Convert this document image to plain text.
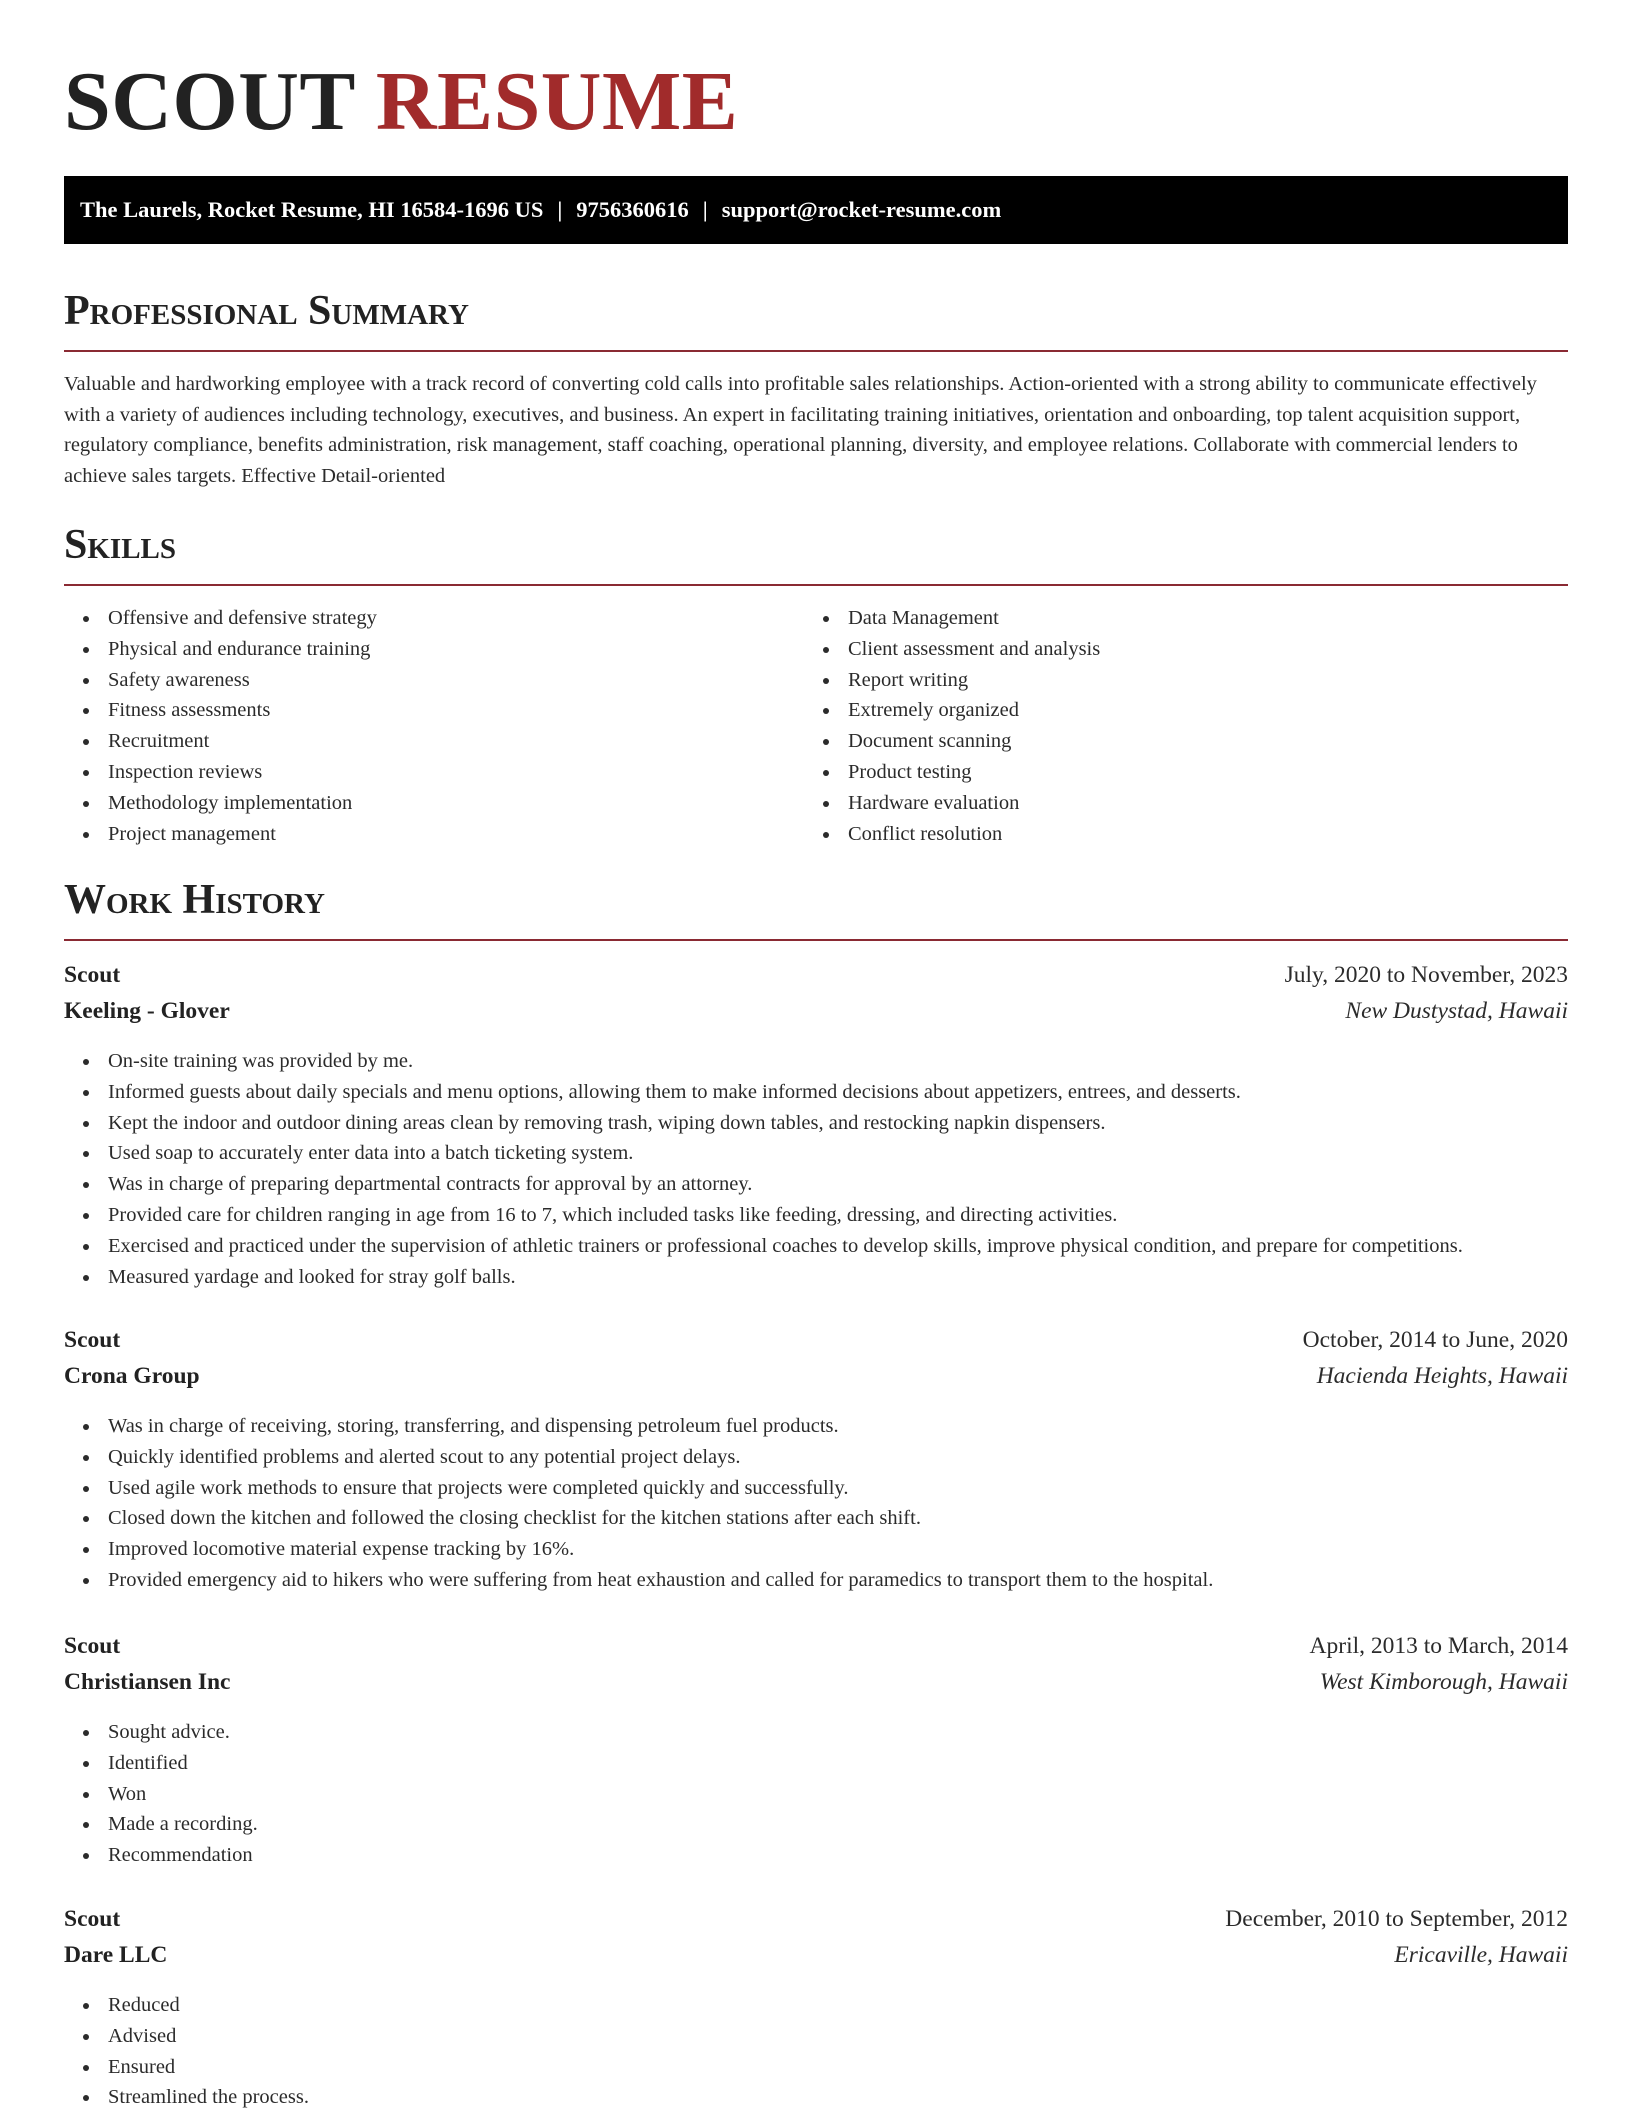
SCOUT RESUME
The Laurels, Rocket Resume, HI 16584-1696 US | 9756360616 | support@rocket-resume.com
Professional Summary

Valuable and hardworking employee with a track record of converting cold calls into profitable sales relationships. Action-oriented with a strong ability to communicate effectively with a variety of audiences including technology, executives, and business. An expert in facilitating training initiatives, orientation and onboarding, top talent acquisition support, regulatory compliance, benefits administration, risk management, staff coaching, operational planning, diversity, and employee relations. Collaborate with commercial lenders to achieve sales targets. Effective Detail-oriented

Skills
Offensive and defensive strategy
Physical and endurance training
Safety awareness
Fitness assessments
Recruitment
Inspection reviews
Methodology implementation
Project management
Data Management
Client assessment and analysis
Report writing
Extremely organized
Document scanning
Product testing
Hardware evaluation
Conflict resolution
Work History
Scout	July, 2020 to November, 2023
Keeling - Glover	New Dustystad, Hawaii
On-site training was provided by me.
Informed guests about daily specials and menu options, allowing them to make informed decisions about appetizers, entrees, and desserts.
Kept the indoor and outdoor dining areas clean by removing trash, wiping down tables, and restocking napkin dispensers.
Used soap to accurately enter data into a batch ticketing system.
Was in charge of preparing departmental contracts for approval by an attorney.
Provided care for children ranging in age from 16 to 7, which included tasks like feeding, dressing, and directing activities.
Exercised and practiced under the supervision of athletic trainers or professional coaches to develop skills, improve physical condition, and prepare for competitions.
Measured yardage and looked for stray golf balls.
Scout	October, 2014 to June, 2020
Crona Group	Hacienda Heights, Hawaii
Was in charge of receiving, storing, transferring, and dispensing petroleum fuel products.
Quickly identified problems and alerted scout to any potential project delays.
Used agile work methods to ensure that projects were completed quickly and successfully.
Closed down the kitchen and followed the closing checklist for the kitchen stations after each shift.
Improved locomotive material expense tracking by 16%.
Provided emergency aid to hikers who were suffering from heat exhaustion and called for paramedics to transport them to the hospital.
Scout	April, 2013 to March, 2014
Christiansen Inc	West Kimborough, Hawaii
Sought advice.
Identified
Won
Made a recording.
Recommendation
Scout	December, 2010 to September, 2012
Dare LLC	Ericaville, Hawaii
Reduced
Advised
Ensured
Streamlined the process.
